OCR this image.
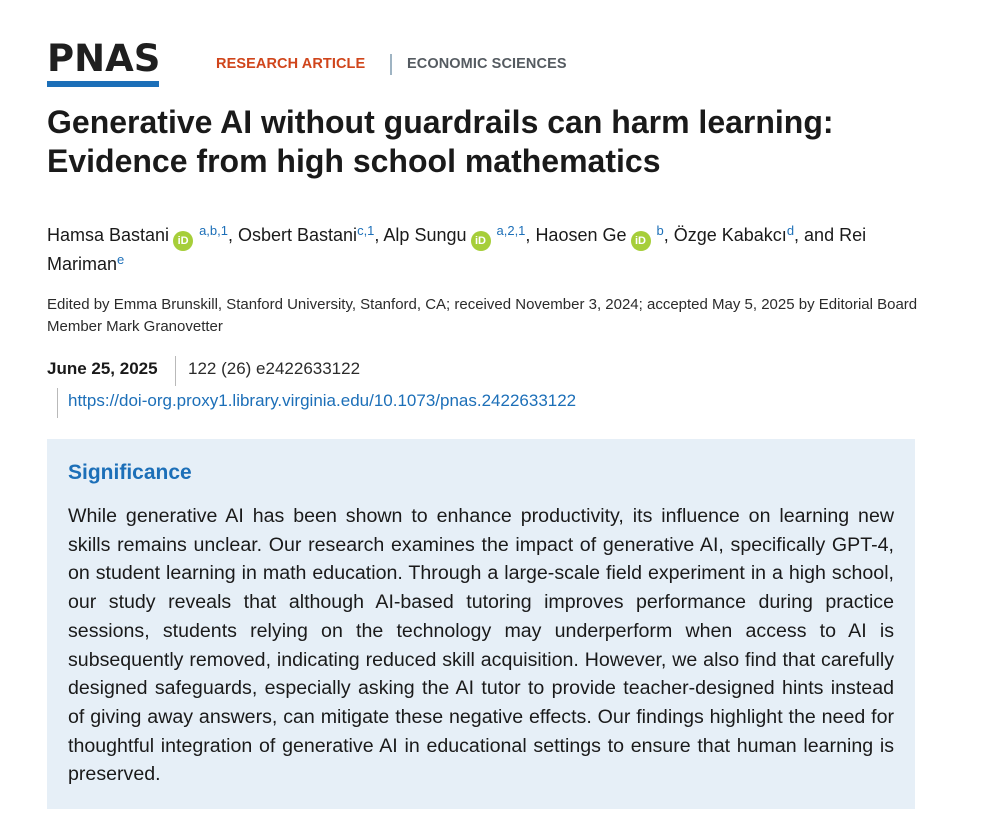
PNAS	RESEARCH ARTICLE	ECONOMIC SCIENCES
Generative AI without guardrails can harm learning: Evidence from high school mathematics
Hamsa Bastani iD$^{a,b,1}$, Osbert Bastani$^{c,1}$, Alp Sungu iD$^{a,2,1}$, Haosen Ge $iD^b$, Özge Kabakcı$^d$, and Rei Mariman$^e$
Edited by Emma Brunskill, Stanford University, Stanford, CA; received November 3, 2024; accepted May 5, 2025 by Editorial Board Member Mark Granovetter
June 25, 2025 122 (26) e2422633122
https://doi-org.proxy1.library.virginia.edu/10.1073/pnas.2422633122
Significance

While generative AI has been shown to enhance productivity, its influence on learning new skills remains unclear. Our research examines the impact of generative AI, specifically GPT-4, on student learning in math education. Through a large-scale field experiment in a high school, our study reveals that although AI-based tutoring improves performance during practice sessions, students relying on the technology may underperform when access to AI is subsequently removed, indicating reduced skill acquisition. However, we also find that carefully designed safeguards, especially asking the AI tutor to provide teacher-designed hints instead of giving away answers, can mitigate these negative effects. Our findings highlight the need for thoughtful integration of generative AI in educational settings to ensure that human learning is preserved.
